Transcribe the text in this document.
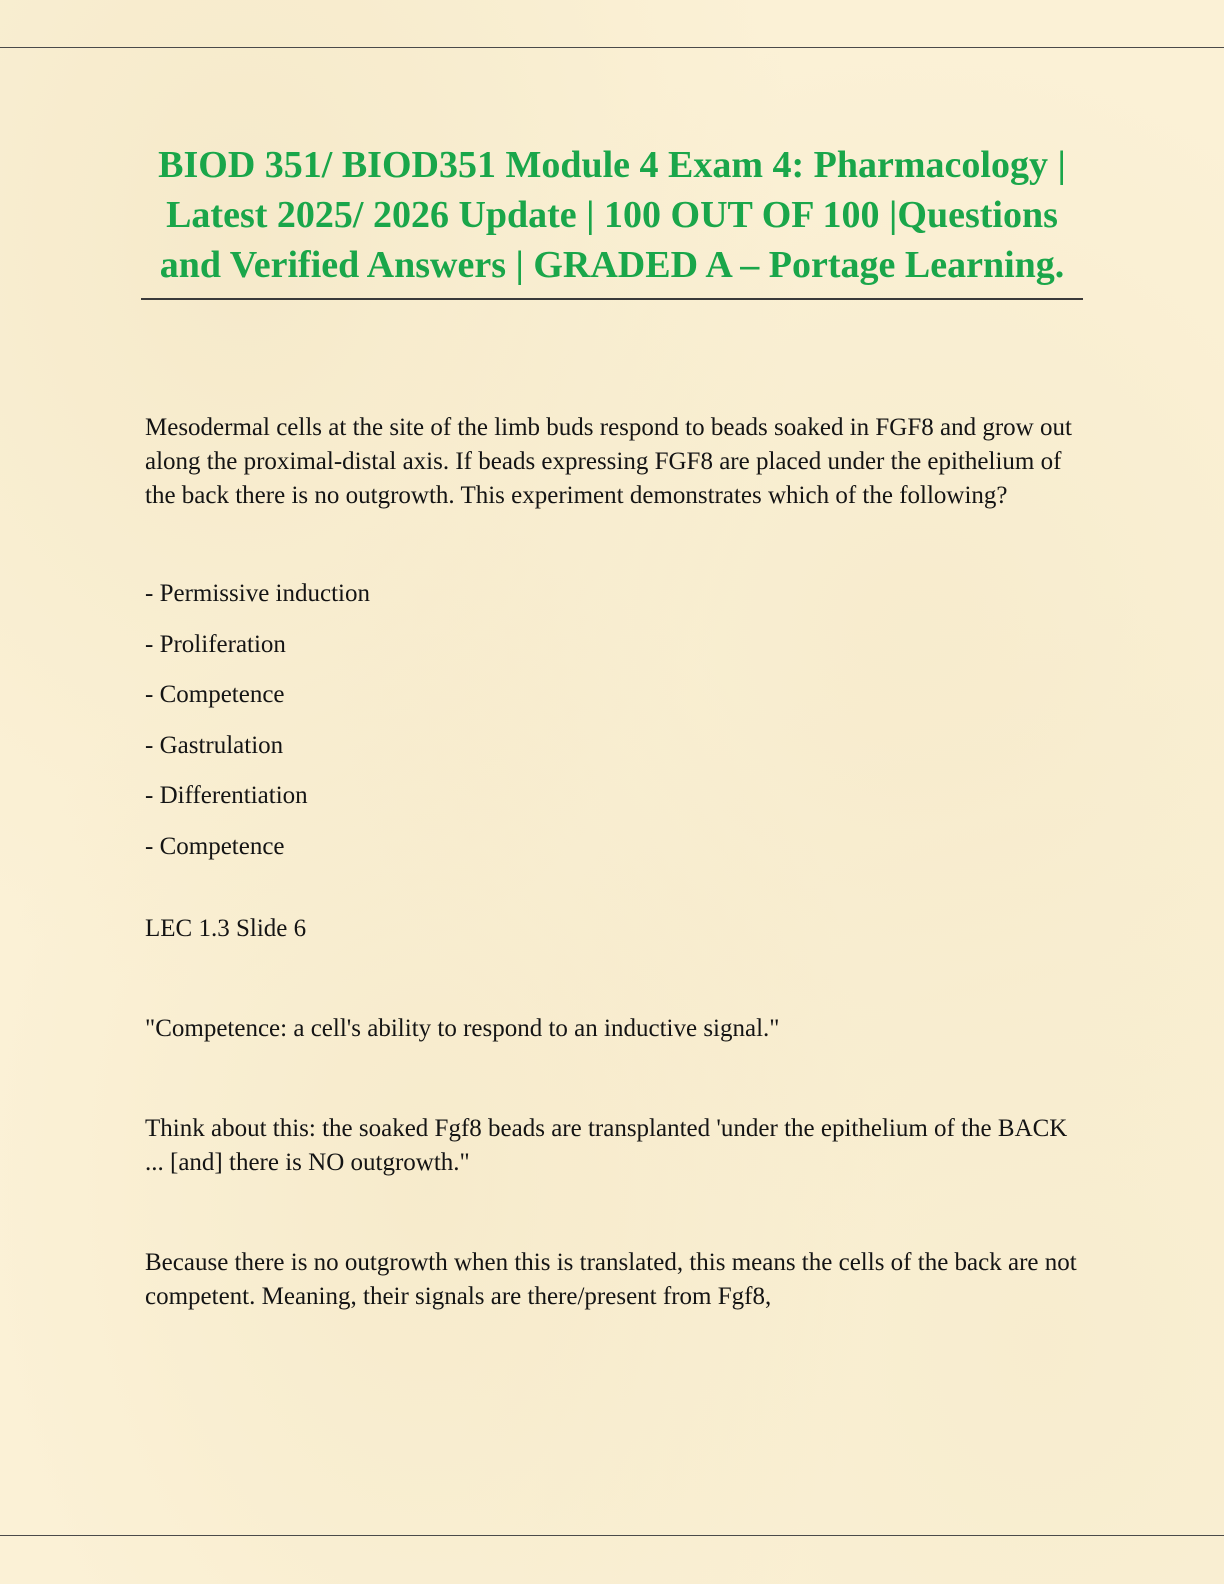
BIOD 351/ BIOD351 Module 4 Exam 4: Pharmacology | Latest 2025/ 2026 Update | 100 OUT OF 100 |Questions and Verified Answers | GRADED A – Portage Learning.

Mesodermal cells at the site of the limb buds respond to beads soaked in FGF8 and grow out along the proximal-distal axis. If beads expressing FGF8 are placed under the epithelium of the back there is no outgrowth. This experiment demonstrates which of the following?

- Permissive induction
- Proliferation
- Competence
- Gastrulation
- Differentiation
- Competence

LEC 1.3 Slide 6

"Competence: a cell's ability to respond to an inductive signal."

Think about this: the soaked Fgf8 beads are transplanted 'under the epithelium of the BACK ... [and] there is NO outgrowth."

Because there is no outgrowth when this is translated, this means the cells of the back are not competent. Meaning, their signals are there/present from Fgf8,
